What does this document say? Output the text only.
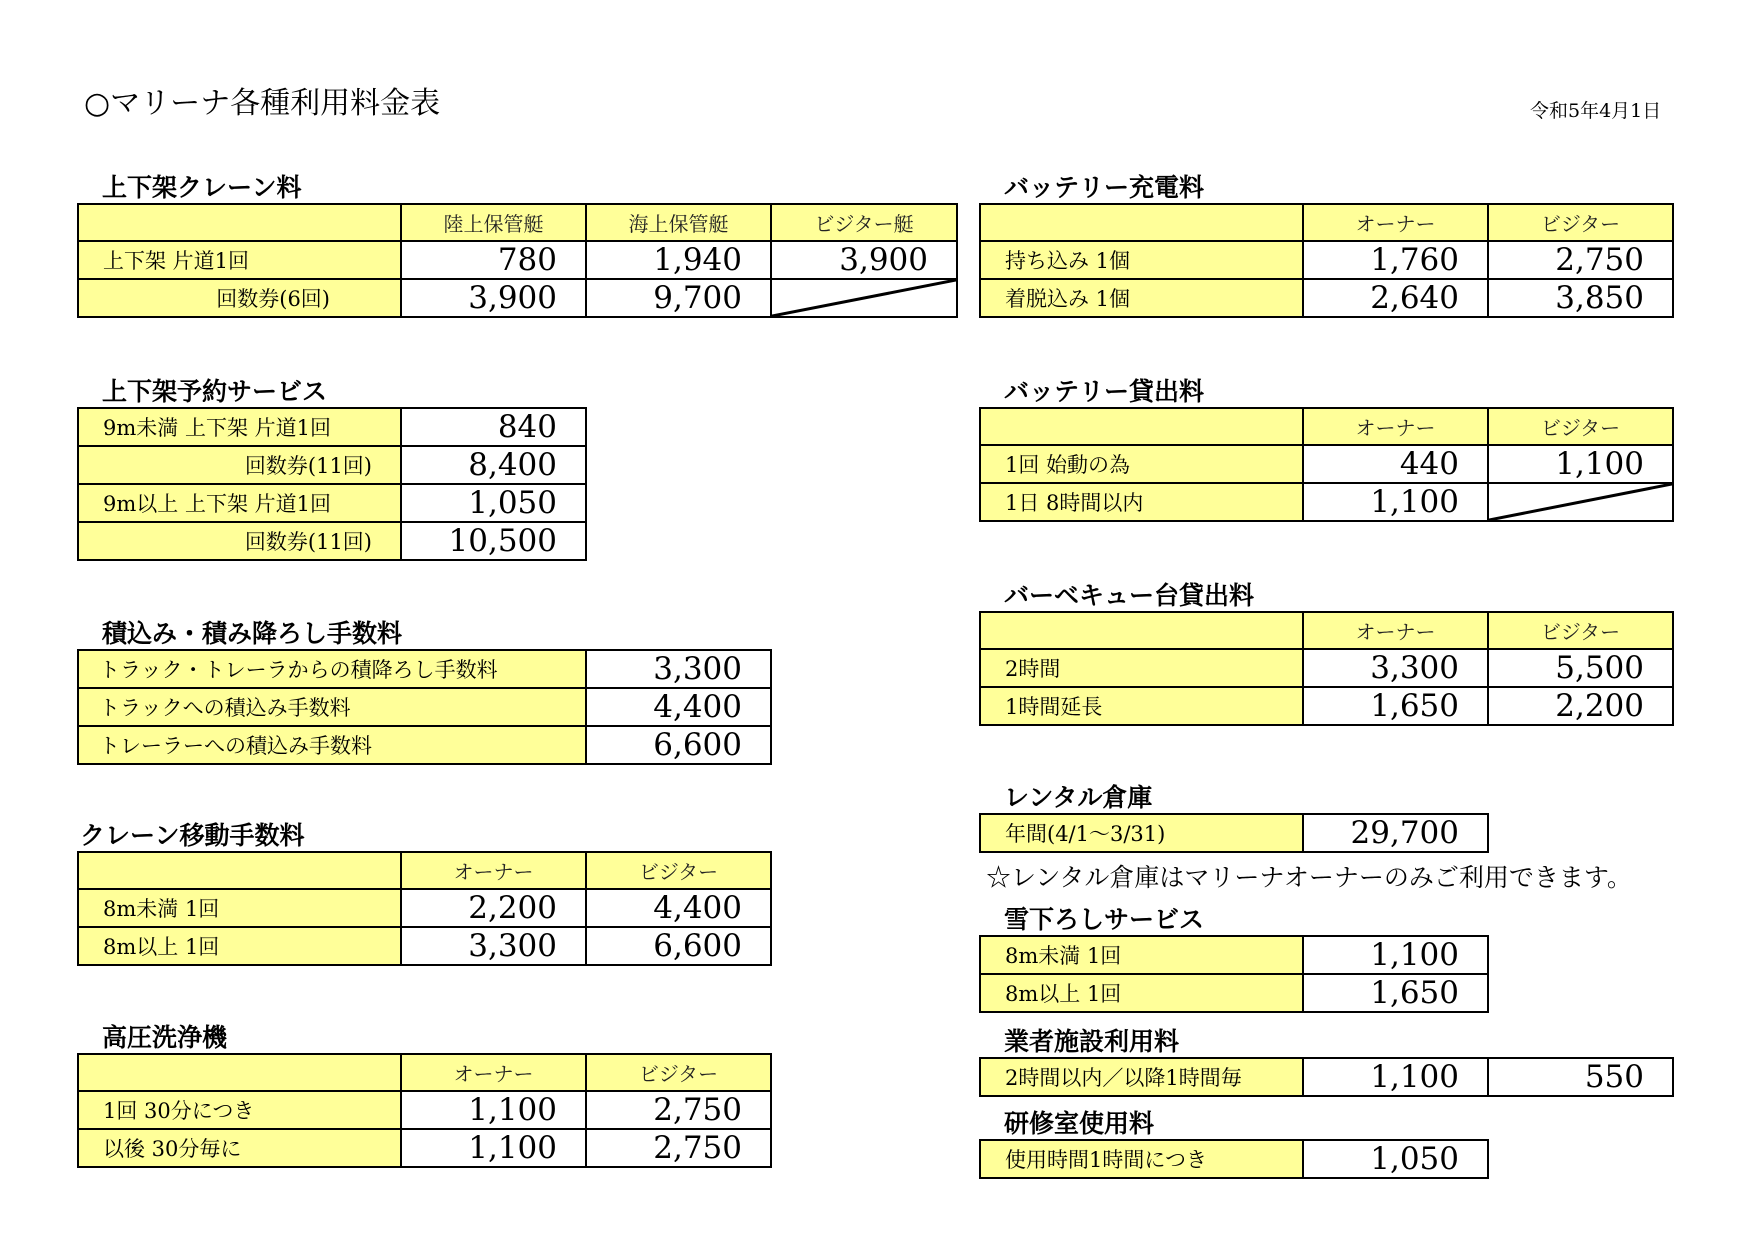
○マリーナ各種利用料金表	令和5年4月1日
上下架クレーン料
	陸上保管艇	海上保管艇	ビジター艇
上下架 片道1回	780	1,940	3,900
回数券(6回)	3,900	9,700	
上下架予約サービス
9m未満 上下架 片道1回	840
回数券(11回)	8,400
9m以上 上下架 片道1回	1,050
回数券(11回)	10,500
積込み・積み降ろし手数料
トラック・トレーラからの積降ろし手数料	3,300
トラックへの積込み手数料	4,400
トレーラーへの積込み手数料	6,600
クレーン移動手数料
	オーナー	ビジター
8m未満 1回	2,200	4,400
8m以上 1回	3,300	6,600
高圧洗浄機
	オーナー	ビジター
1回 30分につき	1,100	2,750
以後 30分毎に	1,100	2,750
バッテリー充電料
	オーナー	ビジター
持ち込み 1個	1,760	2,750
着脱込み 1個	2,640	3,850
バッテリー貸出料
	オーナー	ビジター
1回 始動の為	440	1,100
1日 8時間以内	1,100	
バーベキュー台貸出料
	オーナー	ビジター
2時間	3,300	5,500
1時間延長	1,650	2,200
レンタル倉庫
年間(4/1～3/31)	29,700
☆レンタル倉庫はマリーナオーナーのみご利用できます。
雪下ろしサービス
8m未満 1回	1,100
8m以上 1回	1,650
業者施設利用料
2時間以内／以降1時間毎	1,100	550
研修室使用料
使用時間1時間につき	1,050
